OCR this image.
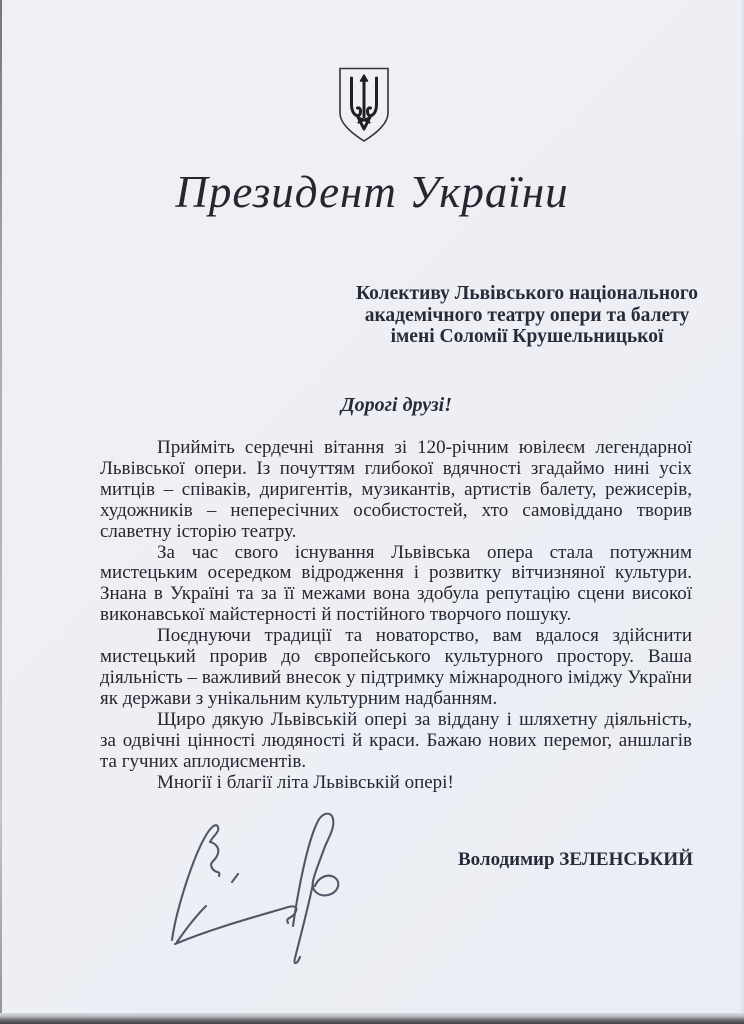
Президент України
Колективу Львівського національного
академічного театру опери та балету
імені Соломії Крушельницької
Дорогі друзі!

Прийміть сердечні вітання зі 120-річним ювілеєм легендарної Львівської опери. Із почуттям глибокої вдячності згадаймо нині усіх митців – співаків, диригентів, музикантів, артистів балету, режисерів, художників – непересічних особистостей, хто самовіддано творив славетну історію театру.

За час свого існування Львівська опера стала потужним мистецьким осередком відродження і розвитку вітчизняної культури. Знана в Україні та за її межами вона здобула репутацію сцени високої виконавської майстерності й постійного творчого пошуку.

Поєднуючи традиції та новаторство, вам вдалося здійснити мистецький прорив до європейського культурного простору. Ваша діяльність – важливий внесок у підтримку міжнародного іміджу України як держави з унікальним культурним надбанням.

Щиро дякую Львівській опері за віддану і шляхетну діяльність, за одвічні цінності людяності й краси. Бажаю нових перемог, аншлагів та гучних аплодисментів.

Многії і благії літа Львівській опері!

Володимир ЗЕЛЕНСЬКИЙ
